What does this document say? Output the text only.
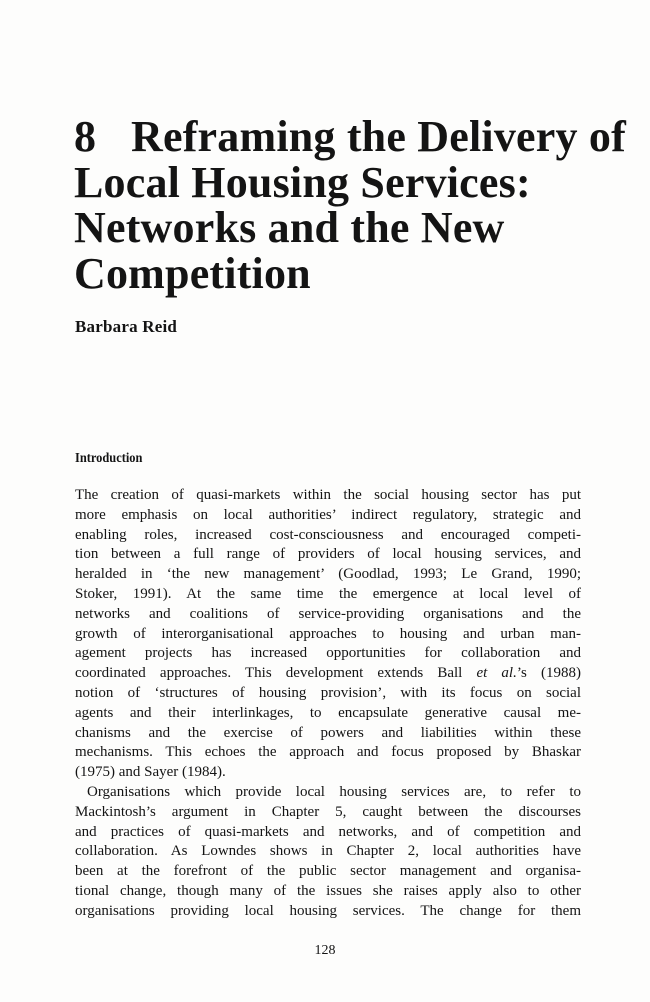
8 Reframing the Delivery of
Local Housing Services:
Networks and the New
Competition

Barbara Reid

Introduction
The creation of quasi-markets within the social housing sector has put
more emphasis on local authorities’ indirect regulatory, strategic and
enabling roles, increased cost-consciousness and encouraged competi-
tion between a full range of providers of local housing services, and
heralded in ‘the new management’ (Goodlad, 1993; Le Grand, 1990;
Stoker, 1991). At the same time the emergence at local level of
networks and coalitions of service-providing organisations and the
growth of interorganisational approaches to housing and urban man-
agement projects has increased opportunities for collaboration and
coordinated approaches. This development extends Ball et al.’s (1988)
notion of ‘structures of housing provision’, with its focus on social
agents and their interlinkages, to encapsulate generative causal me-
chanisms and the exercise of powers and liabilities within these
mechanisms. This echoes the approach and focus proposed by Bhaskar
(1975) and Sayer (1984).
Organisations which provide local housing services are, to refer to
Mackintosh’s argument in Chapter 5, caught between the discourses
and practices of quasi-markets and networks, and of competition and
collaboration. As Lowndes shows in Chapter 2, local authorities have
been at the forefront of the public sector management and organisa-
tional change, though many of the issues she raises apply also to other
organisations providing local housing services. The change for them
128
